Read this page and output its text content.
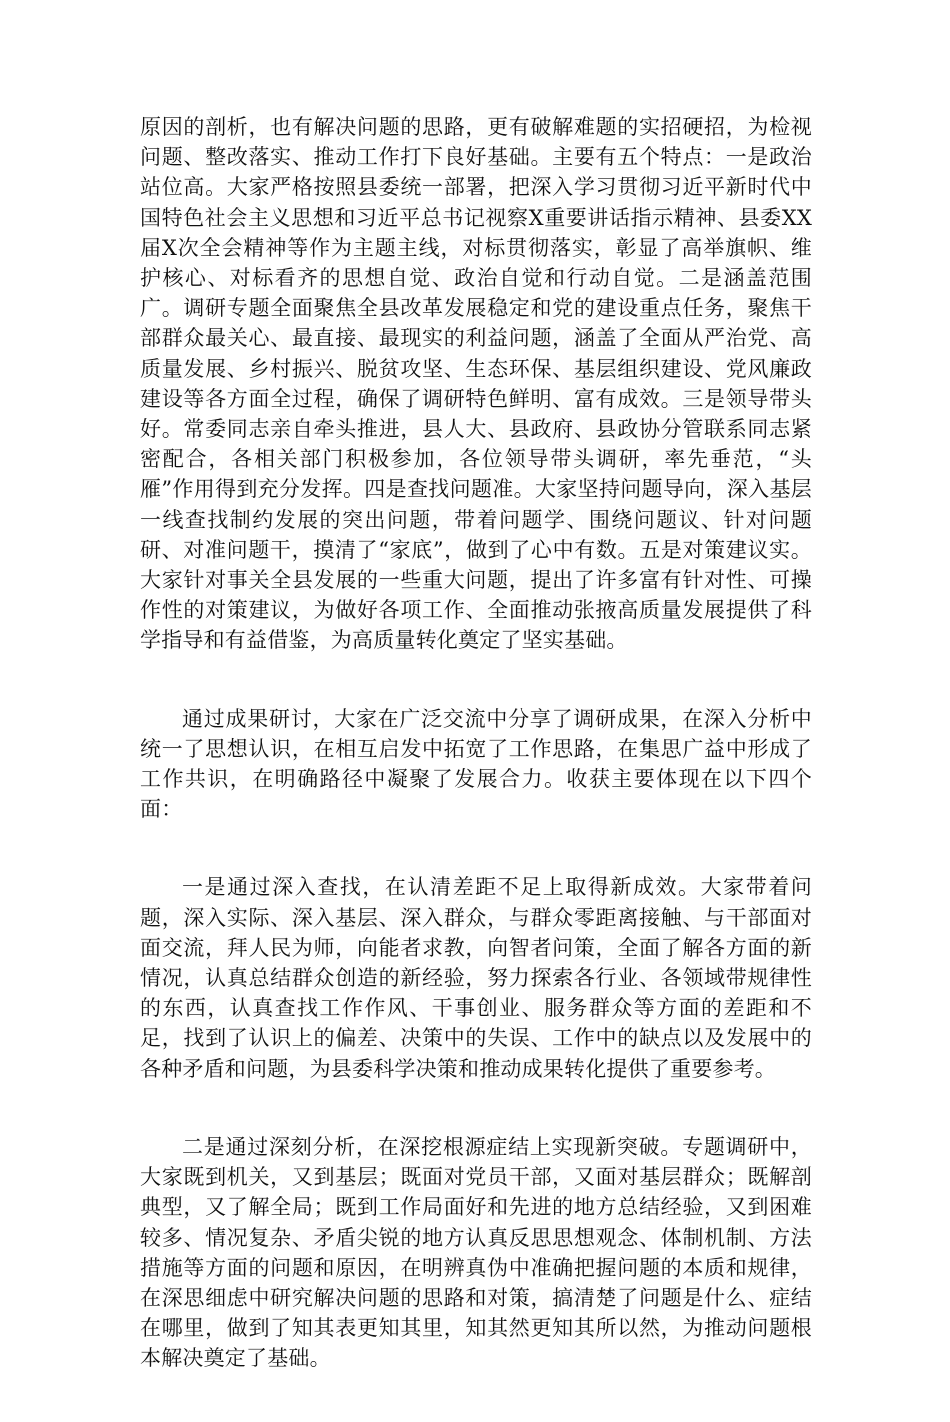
原因的剖析，也有解决问题的思路，更有破解难题的实招硬招，为检视问题、整改落实、推动工作打下良好基础。主要有五个特点：一是政治站位高。大家严格按照县委统一部署，把深入学习贯彻习近平新时代中国特色社会主义思想和习近平总书记视察X重要讲话指示精神、县委XX届X次全会精神等作为主题主线，对标贯彻落实，彰显了高举旗帜、维护核心、对标看齐的思想自觉、政治自觉和行动自觉。二是涵盖范围广。调研专题全面聚焦全县改革发展稳定和党的建设重点任务，聚焦干部群众最关心、最直接、最现实的利益问题，涵盖了全面从严治党、高质量发展、乡村振兴、脱贫攻坚、生态环保、基层组织建设、党风廉政建设等各方面全过程，确保了调研特色鲜明、富有成效。三是领导带头好。常委同志亲自牵头推进，县人大、县政府、县政协分管联系同志紧密配合，各相关部门积极参加，各位领导带头调研，率先垂范，“头雁”作用得到充分发挥。四是查找问题准。大家坚持问题导向，深入基层一线查找制约发展的突出问题，带着问题学、围绕问题议、针对问题研、对准问题干，摸清了“家底”，做到了心中有数。五是对策建议实。大家针对事关全县发展的一些重大问题，提出了许多富有针对性、可操作性的对策建议，为做好各项工作、全面推动张掖高质量发展提供了科学指导和有益借鉴，为高质量转化奠定了坚实基础。

通过成果研讨，大家在广泛交流中分享了调研成果，在深入分析中统一了思想认识，在相互启发中拓宽了工作思路，在集思广益中形成了工作共识，在明确路径中凝聚了发展合力。收获主要体现在以下四个面：

一是通过深入查找，在认清差距不足上取得新成效。大家带着问题，深入实际、深入基层、深入群众，与群众零距离接触、与干部面对面交流，拜人民为师，向能者求教，向智者问策，全面了解各方面的新情况，认真总结群众创造的新经验，努力探索各行业、各领域带规律性的东西，认真查找工作作风、干事创业、服务群众等方面的差距和不足，找到了认识上的偏差、决策中的失误、工作中的缺点以及发展中的各种矛盾和问题，为县委科学决策和推动成果转化提供了重要参考。

二是通过深刻分析，在深挖根源症结上实现新突破。专题调研中，大家既到机关，又到基层；既面对党员干部，又面对基层群众；既解剖典型，又了解全局；既到工作局面好和先进的地方总结经验，又到困难较多、情况复杂、矛盾尖锐的地方认真反思思想观念、体制机制、方法措施等方面的问题和原因，在明辨真伪中准确把握问题的本质和规律，在深思细虑中研究解决问题的思路和对策，搞清楚了问题是什么、症结在哪里，做到了知其表更知其里，知其然更知其所以然，为推动问题根本解决奠定了基础。
